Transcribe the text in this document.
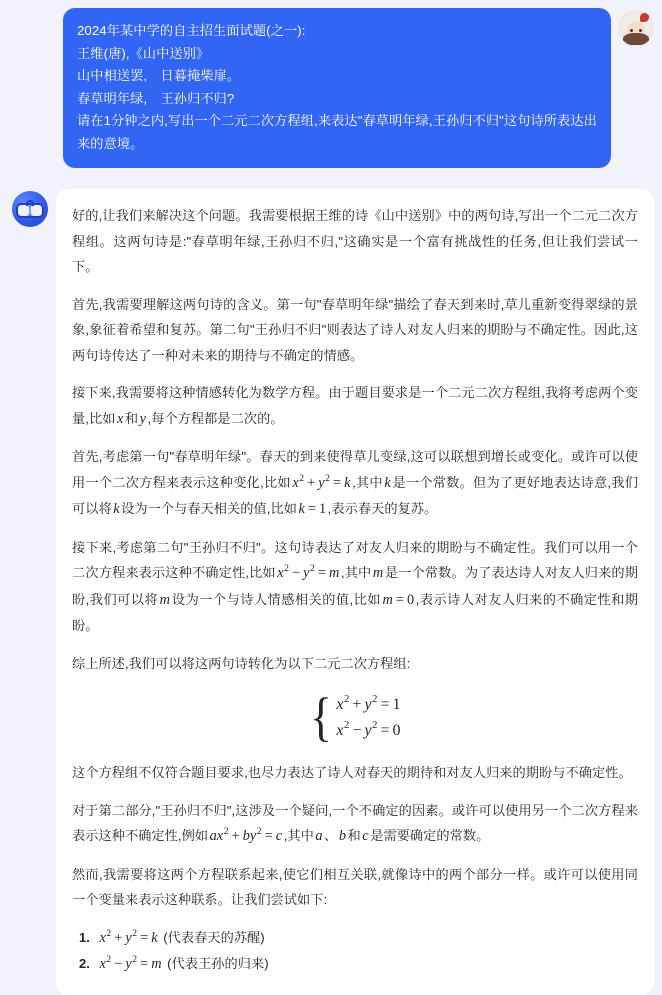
2024年某中学的自主招生面试题(之一):
王维(唐),《山中送别》
山中相送罢,　日暮掩柴扉。
春草明年绿,　王孙归不归?
请在1分钟之内,写出一个二元二次方程组,来表达"春草明年绿,王孙归不归"这句诗所表达出来的意境。

好的,让我们来解决这个问题。我需要根据王维的诗《山中送别》中的两句诗,写出一个二元二次方程组。这两句诗是:"春草明年绿,王孙归不归,"这确实是一个富有挑战性的任务,但让我们尝试一下。

首先,我需要理解这两句诗的含义。第一句"春草明年绿"描绘了春天到来时,草儿重新变得翠绿的景象,象征着希望和复苏。第二句"王孙归不归"则表达了诗人对友人归来的期盼与不确定性。因此,这两句诗传达了一种对未来的期待与不确定的情感。

接下来,我需要将这种情感转化为数学方程。由于题目要求是一个二元二次方程组,我将考虑两个变量,比如 x 和 y ,每个方程都是二次的。

首先,考虑第一句"春草明年绿"。春天的到来使得草儿变绿,这可以联想到增长或变化。或许可以使用一个二次方程来表示这种变化,比如 $x^2 + y^2 = k$ ,其中 k 是一个常数。但为了更好地表达诗意,我们可以将 k 设为一个与春天相关的值,比如 k = 1 ,表示春天的复苏。

接下来,考虑第二句"王孙归不归"。这句诗表达了对友人归来的期盼与不确定性。我们可以用一个二次方程来表示这种不确定性,比如 $x^2 - y^2 = m$ ,其中 m 是一个常数。为了表达诗人对友人归来的期盼,我们可以将 m 设为一个与诗人情感相关的值,比如 m = 0 ,表示诗人对友人归来的不确定性和期盼。

综上所述,我们可以将这两句诗转化为以下二元二次方程组:

{ $x^2 + y^2 = 1$
$x^2 - y^2 = 0$

这个方程组不仅符合题目要求,也尽力表达了诗人对春天的期待和对友人归来的期盼与不确定性。

对于第二部分,"王孙归不归",这涉及一个疑问,一个不确定的因素。或许可以使用另一个二次方程来表示这种不确定性,例如 $ax^2 + by^2 = c$ ,其中 a 、 b 和 c 是需要确定的常数。

然而,我需要将这两个方程联系起来,使它们相互关联,就像诗中的两个部分一样。或许可以使用同一个变量来表示这种联系。让我们尝试如下:

$x^2 + y^2 = k$ (代表春天的苏醒)
$x^2 - y^2 = m$ (代表王孙的归来)
